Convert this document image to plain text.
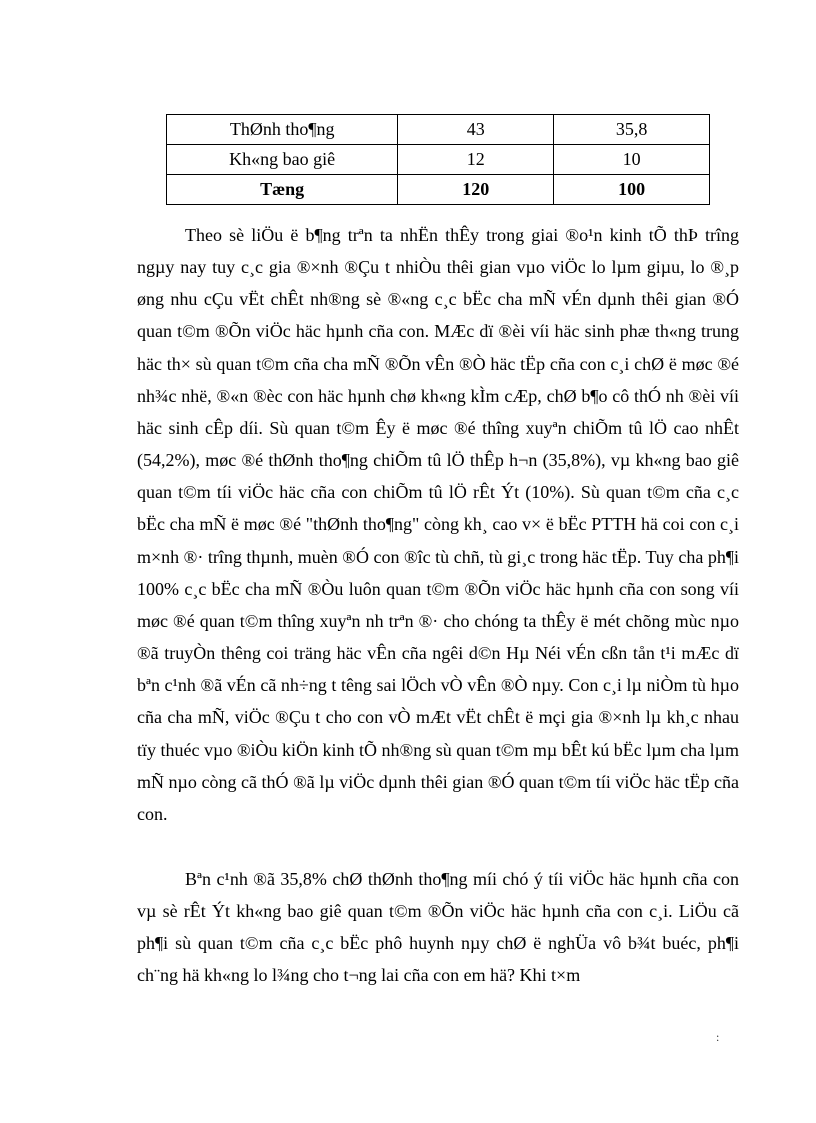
ThØnh tho¶ng	43	35,8
Kh«ng bao giê	12	10
Tæng	120	100

Theo sè liÖu ë b¶ng trªn ta nhËn thÊy trong giai ®o¹n kinh tÕ thÞ trîng ngµy nay tuy c¸c gia ®×nh ®Çu t nhiÒu thêi gian vµo viÖc lo lµm giµu, lo ®¸p øng nhu cÇu vËt chÊt nh®ng sè ®«ng c¸c bËc cha mÑ vÉn dµnh thêi gian ®Ó quan t©m ®Õn viÖc häc hµnh cña con. MÆc dï ®èi víi häc sinh phæ th«ng trung häc th× sù quan t©m cña cha mÑ ®Õn vÊn ®Ò häc tËp cña con c¸i chØ ë møc ®é nh¾c nhë, ®«n ®èc con häc hµnh chø kh«ng kÌm cÆp, chØ b¶o cô thÓ nh ®èi víi häc sinh cÊp díi. Sù quan t©m Êy ë møc ®é thîng xuyªn chiÕm tû lÖ cao nhÊt (54,2%), møc ®é thØnh tho¶ng chiÕm tû lÖ thÊp h¬n (35,8%), vµ kh«ng bao giê quan t©m tíi viÖc häc cña con chiÕm tû lÖ rÊt Ýt (10%). Sù quan t©m cña c¸c bËc cha mÑ ë møc ®é "thØnh tho¶ng" còng kh¸ cao v× ë bËc PTTH hä coi con c¸i m×nh ®· trîng thµnh, muèn ®Ó con ®îc tù chñ, tù gi¸c trong häc tËp. Tuy cha ph¶i 100% c¸c bËc cha mÑ ®Òu luôn quan t©m ®Õn viÖc häc hµnh cña con song víi møc ®é quan t©m thîng xuyªn nh trªn ®· cho chóng ta thÊy ë mét chõng mùc nµo ®ã truyÒn thêng coi träng häc vÊn cña ngêi d©n Hµ Néi vÉn cßn tån t¹i mÆc dï bªn c¹nh ®ã vÉn cã nh÷ng t têng sai lÖch vÒ vÊn ®Ò nµy. Con c¸i lµ niÒm tù hµo cña cha mÑ, viÖc ®Çu t cho con vÒ mÆt vËt chÊt ë mçi gia ®×nh lµ kh¸c nhau tïy thuéc vµo ®iÒu kiÖn kinh tÕ nh®ng sù quan t©m mµ bÊt kú bËc lµm cha lµm mÑ nµo còng cã thÓ ®ã lµ viÖc dµnh thêi gian ®Ó quan t©m tíi viÖc häc tËp cña con.

Bªn c¹nh ®ã 35,8% chØ thØnh tho¶ng míi chó ý tíi viÖc häc hµnh cña con vµ sè rÊt Ýt kh«ng bao giê quan t©m ®Õn viÖc häc hµnh cña con c¸i. LiÖu cã ph¶i sù quan t©m cña c¸c bËc phô huynh nµy chØ ë nghÜa vô b¾t buéc, ph¶i ch¨ng hä kh«ng lo l¾ng cho t¬ng lai cña con em hä? Khi t×m

:
